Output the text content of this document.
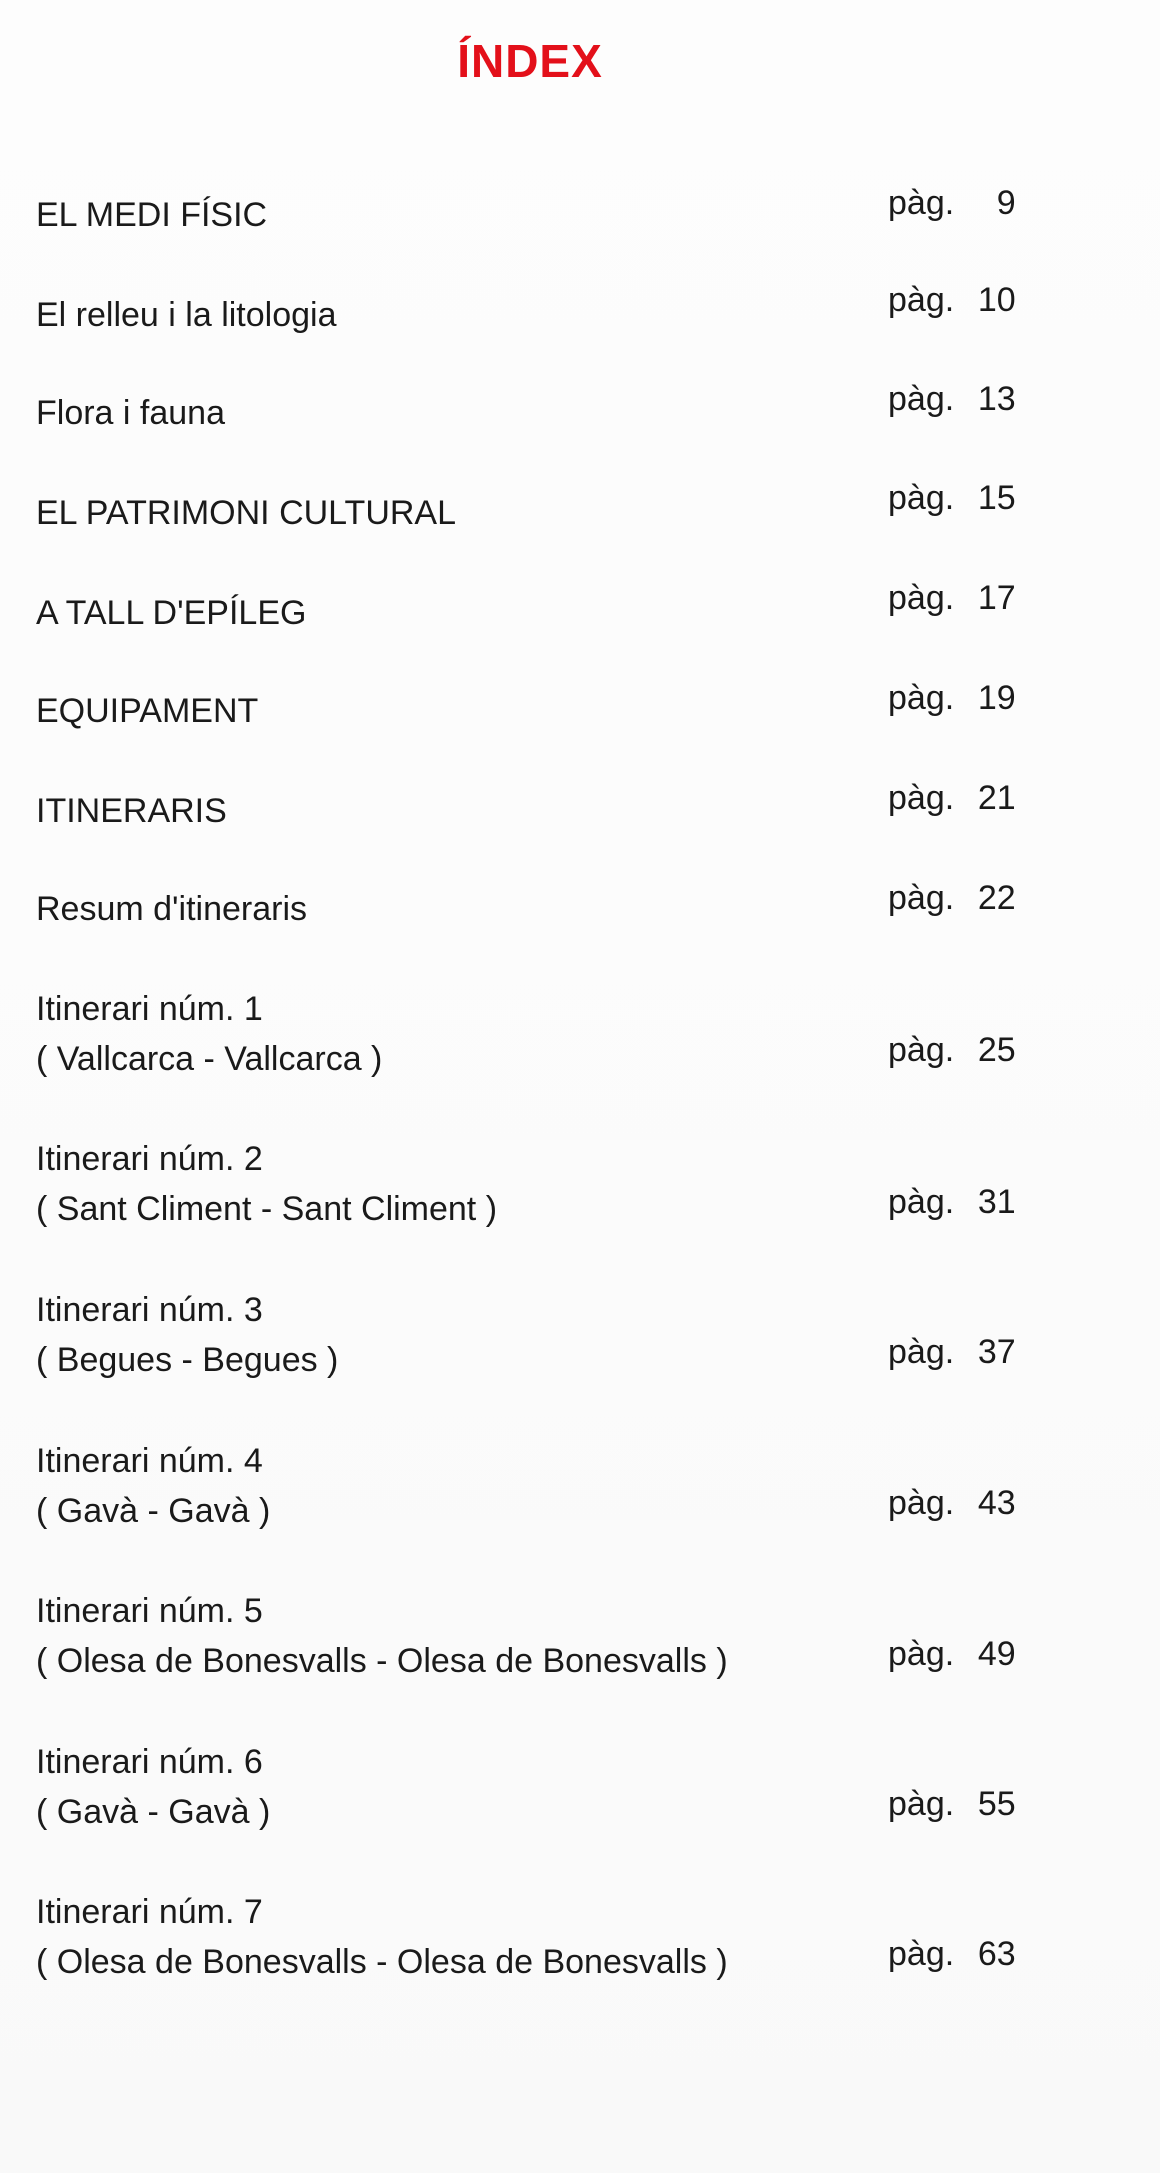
ÍNDEX
EL MEDI FÍSIC	pàg. 9
El relleu i la litologia	pàg. 10
Flora i fauna	pàg. 13
EL PATRIMONI CULTURAL	pàg. 15
A TALL D'EPÍLEG	pàg. 17
EQUIPAMENT	pàg. 19
ITINERARIS	pàg. 21
Resum d'itineraris	pàg. 22
Itinerari núm. 1
( Vallcarca - Vallcarca )	pàg. 25
Itinerari núm. 2
( Sant Climent - Sant Climent )	pàg. 31
Itinerari núm. 3
( Begues - Begues )	pàg. 37
Itinerari núm. 4
( Gavà - Gavà )	pàg. 43
Itinerari núm. 5
( Olesa de Bonesvalls - Olesa de Bonesvalls )	pàg. 49
Itinerari núm. 6
( Gavà - Gavà )	pàg. 55
Itinerari núm. 7
( Olesa de Bonesvalls - Olesa de Bonesvalls )	pàg. 63
